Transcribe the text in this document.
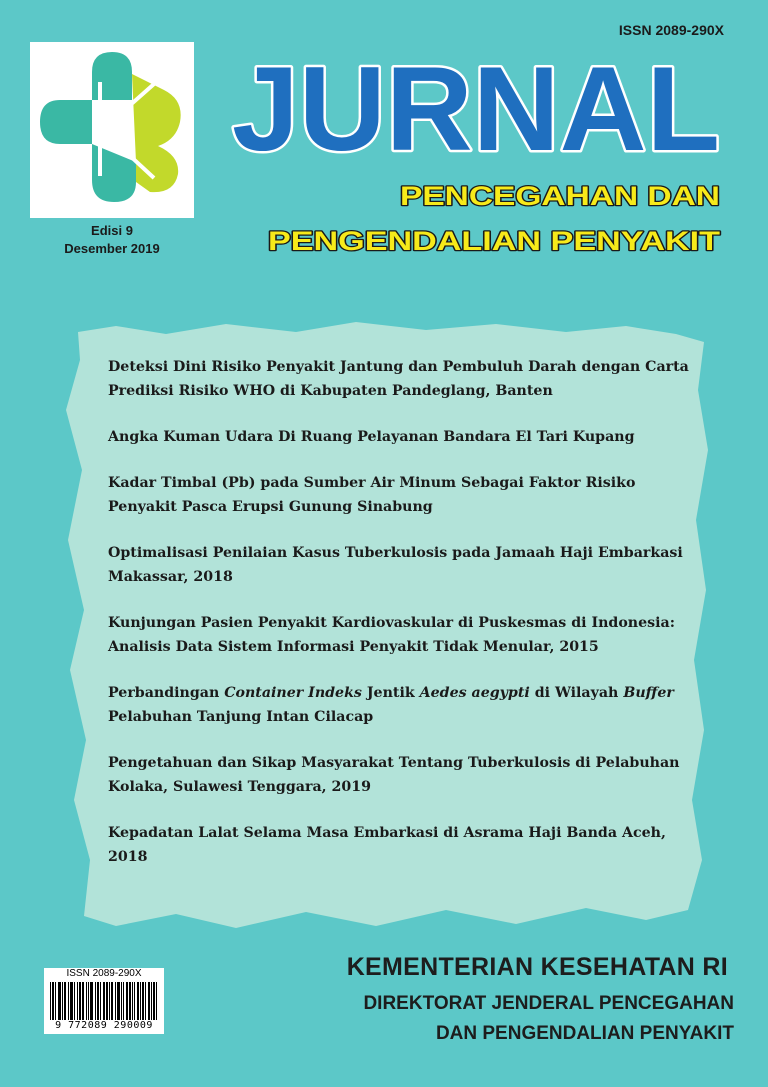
ISSN 2089-290X
Edisi 9
Desember 2019
JURNAL
PENCEGAHAN DAN
PENGENDALIAN PENYAKIT
Deteksi Dini Risiko Penyakit Jantung dan Pembuluh Darah dengan Carta Prediksi Risiko WHO di Kabupaten Pandeglang, Banten
Angka Kuman Udara Di Ruang Pelayanan Bandara El Tari Kupang
Kadar Timbal (Pb) pada Sumber Air Minum Sebagai Faktor Risiko Penyakit Pasca Erupsi Gunung Sinabung
Optimalisasi Penilaian Kasus Tuberkulosis pada Jamaah Haji Embarkasi Makassar, 2018
Kunjungan Pasien Penyakit Kardiovaskular di Puskesmas di Indonesia: Analisis Data Sistem Informasi Penyakit Tidak Menular, 2015
Perbandingan Container Indeks Jentik Aedes aegypti di Wilayah Buffer Pelabuhan Tanjung Intan Cilacap
Pengetahuan dan Sikap Masyarakat Tentang Tuberkulosis di Pelabuhan Kolaka, Sulawesi Tenggara, 2019
Kepadatan Lalat Selama Masa Embarkasi di Asrama Haji Banda Aceh, 2018
ISSN 2089-290X
9 772089 290009
KEMENTERIAN KESEHATAN RI
DIREKTORAT JENDERAL PENCEGAHAN
DAN PENGENDALIAN PENYAKIT
